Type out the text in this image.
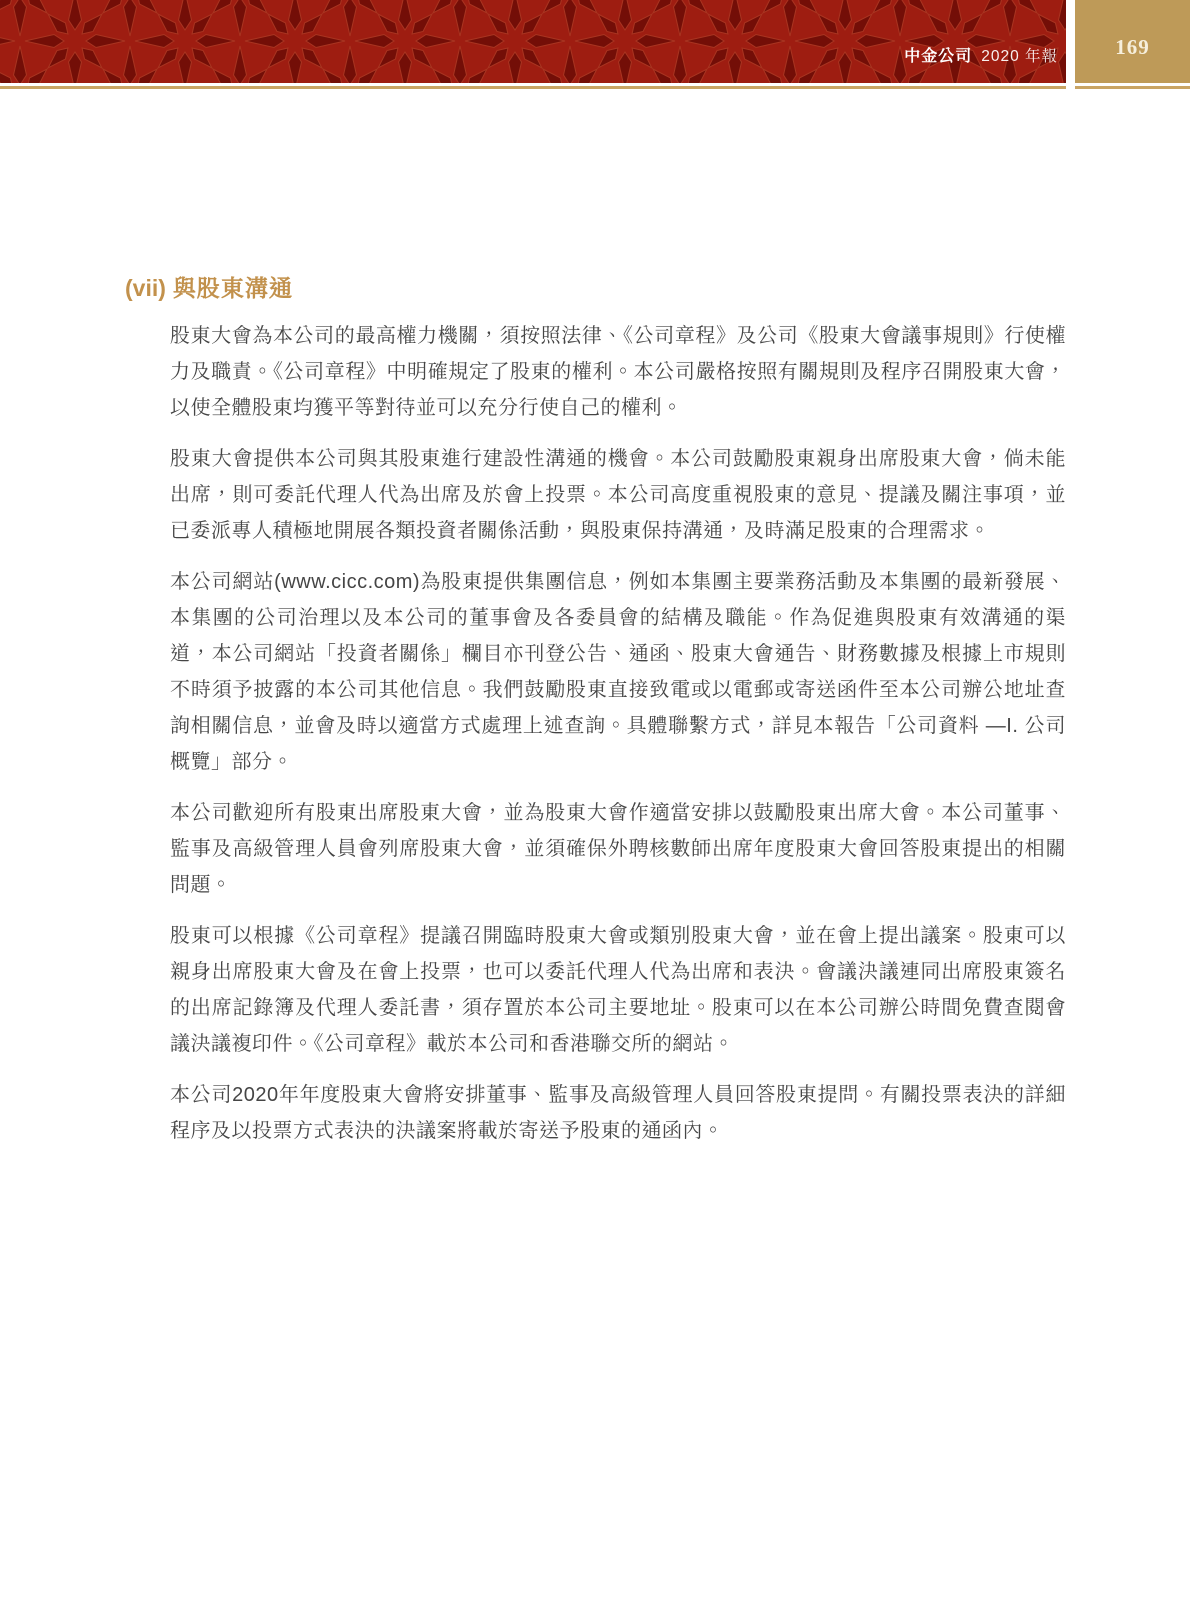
中金公司 2020 年報	169
(vii) 與股東溝通

股東大會為本公司的最高權力機關，須按照法律、《公司章程》及公司《股東大會議事規則》行使權力及職責。《公司章程》中明確規定了股東的權利。本公司嚴格按照有關規則及程序召開股東大會，以使全體股東均獲平等對待並可以充分行使自己的權利。

股東大會提供本公司與其股東進行建設性溝通的機會。本公司鼓勵股東親身出席股東大會，倘未能出席，則可委託代理人代為出席及於會上投票。本公司高度重視股東的意見、提議及關注事項，並已委派專人積極地開展各類投資者關係活動，與股東保持溝通，及時滿足股東的合理需求。

本公司網站(www.cicc.com)為股東提供集團信息，例如本集團主要業務活動及本集團的最新發展、本集團的公司治理以及本公司的董事會及各委員會的結構及職能。作為促進與股東有效溝通的渠道，本公司網站「投資者關係」欄目亦刊登公告、通函、股東大會通告、財務數據及根據上市規則不時須予披露的本公司其他信息。我們鼓勵股東直接致電或以電郵或寄送函件至本公司辦公地址查詢相關信息，並會及時以適當方式處理上述查詢。具體聯繫方式，詳見本報告「公司資料 —I. 公司概覽」部分。

本公司歡迎所有股東出席股東大會，並為股東大會作適當安排以鼓勵股東出席大會。本公司董事、監事及高級管理人員會列席股東大會，並須確保外聘核數師出席年度股東大會回答股東提出的相關問題。

股東可以根據《公司章程》提議召開臨時股東大會或類別股東大會，並在會上提出議案。股東可以親身出席股東大會及在會上投票，也可以委託代理人代為出席和表決。會議決議連同出席股東簽名的出席記錄簿及代理人委託書，須存置於本公司主要地址。股東可以在本公司辦公時間免費查閱會議決議複印件。《公司章程》載於本公司和香港聯交所的網站。

本公司2020年年度股東大會將安排董事、監事及高級管理人員回答股東提問。有關投票表決的詳細程序及以投票方式表決的決議案將載於寄送予股東的通函內。
